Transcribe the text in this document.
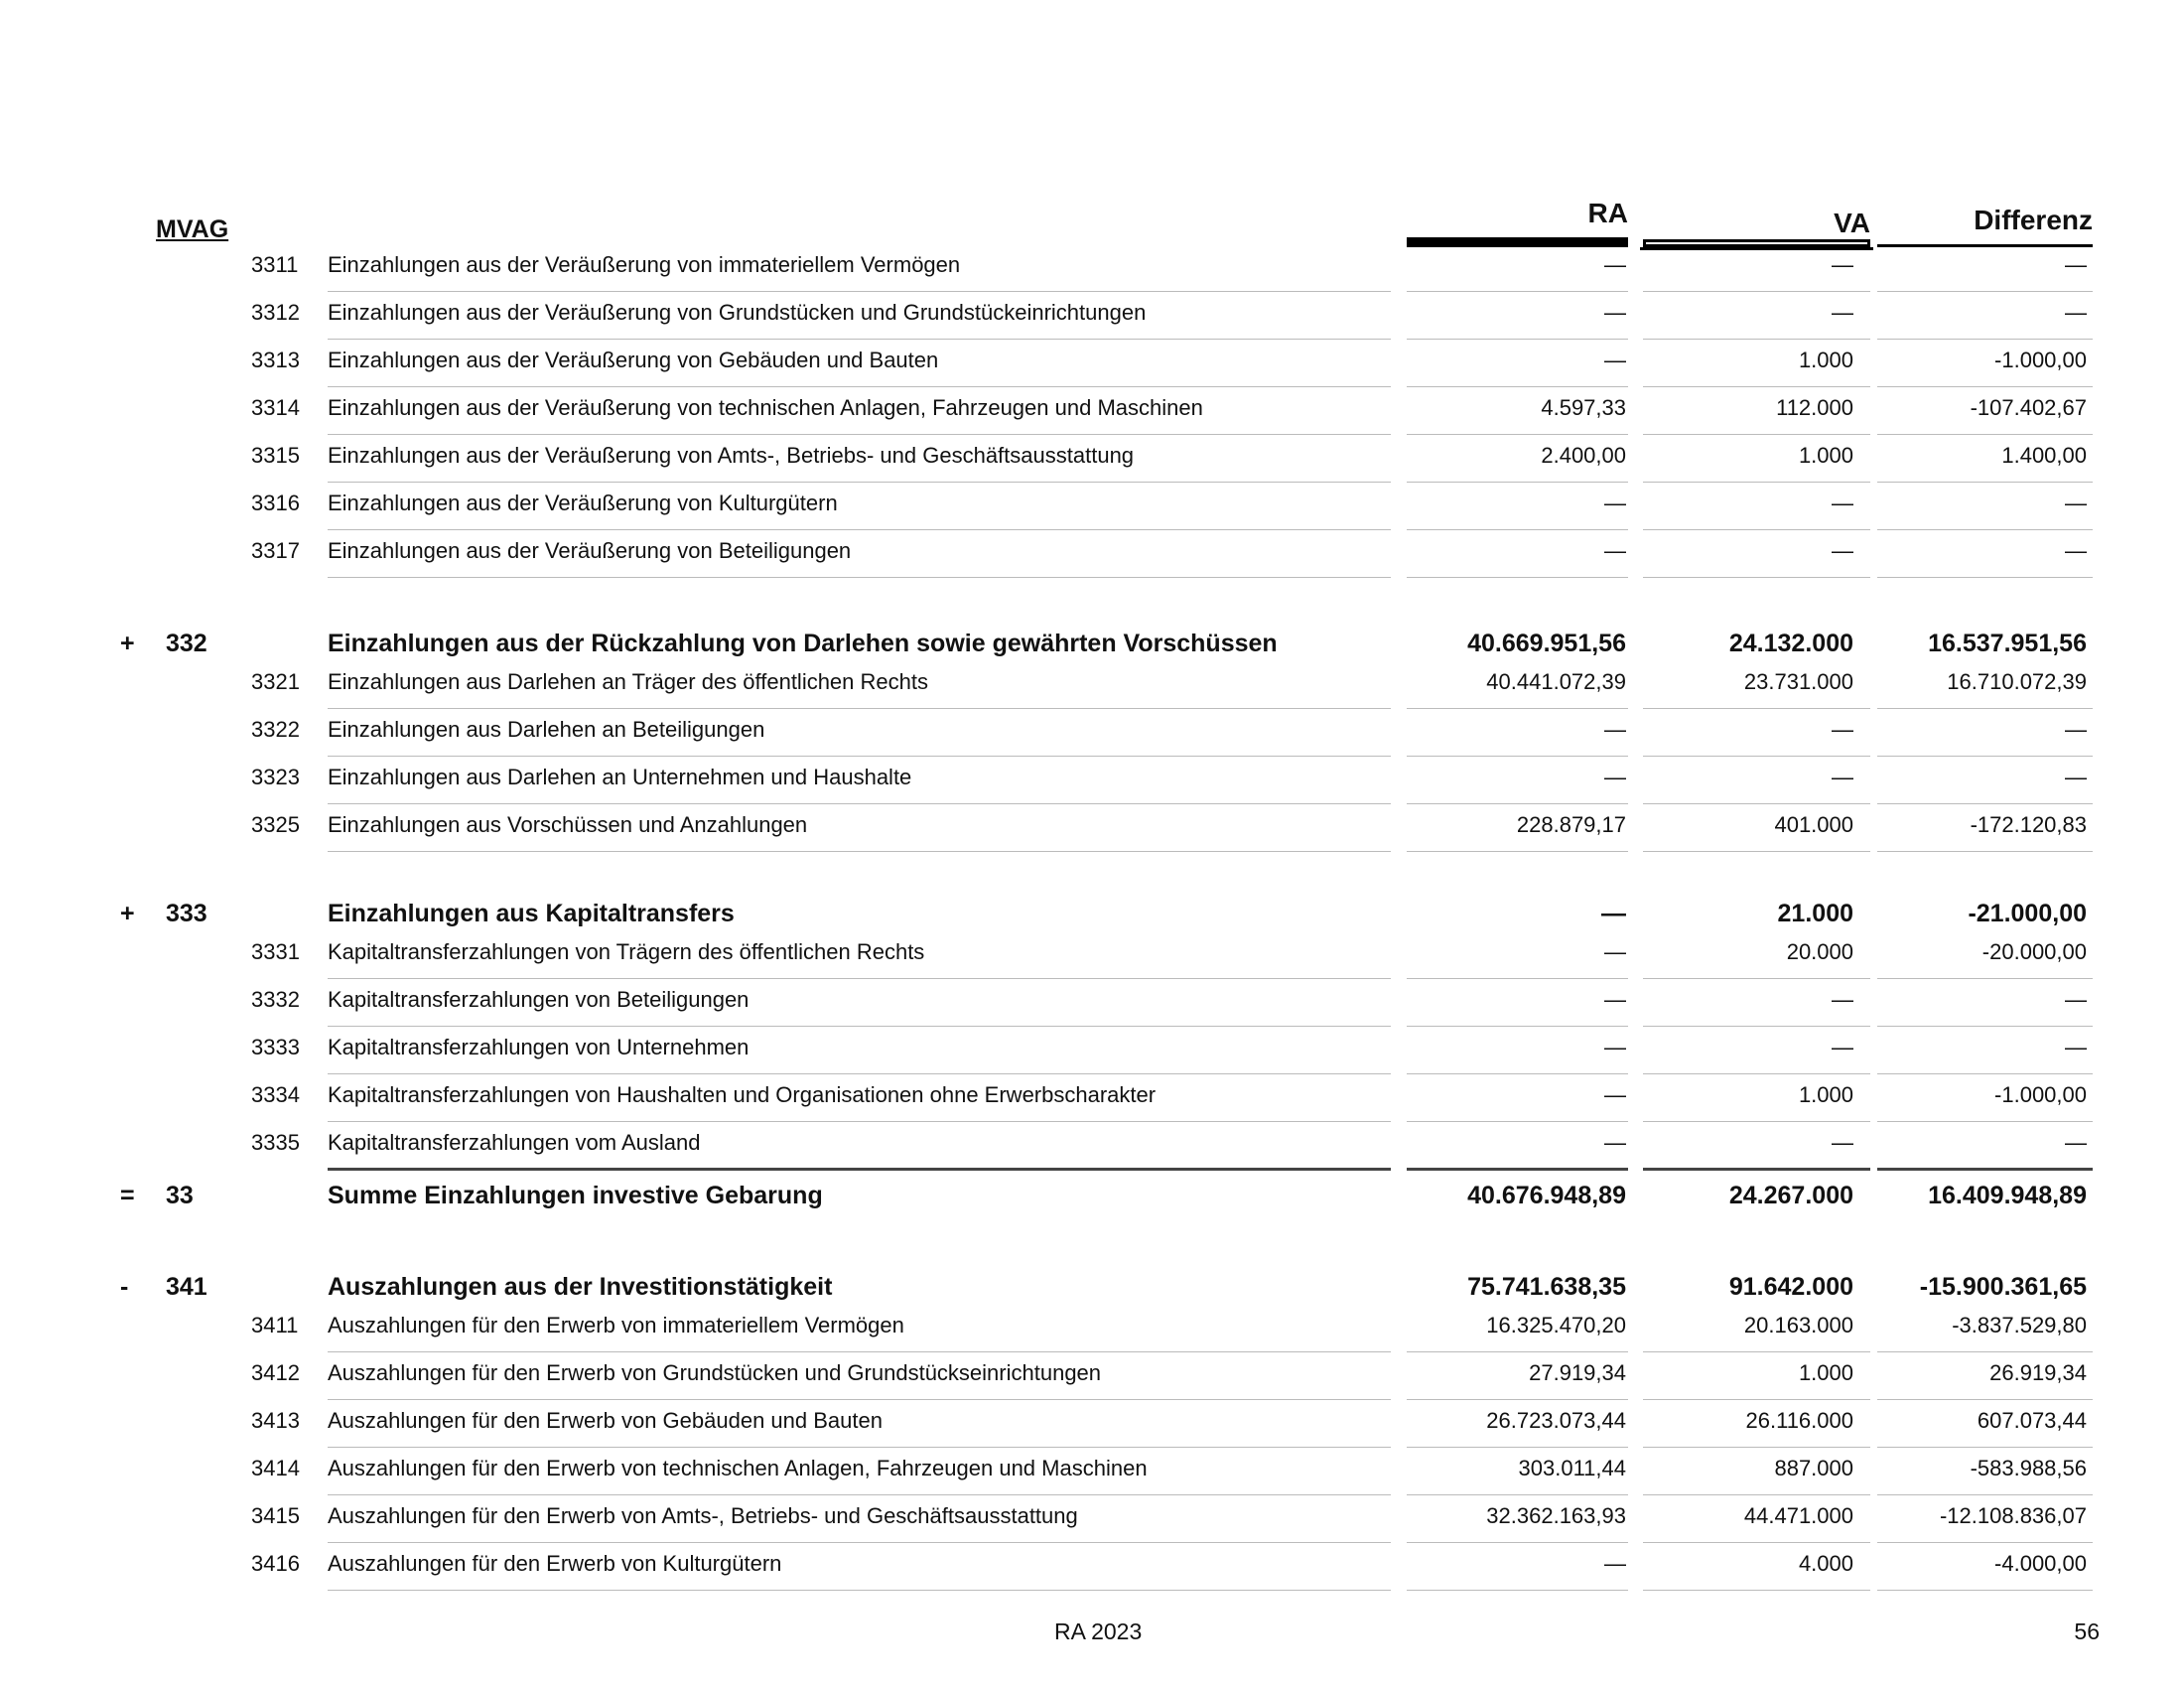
MVAG
RA	VA	Differenz
3311 Einzahlungen aus der Veräußerung von immateriellem Vermögen	—	—	—
3312 Einzahlungen aus der Veräußerung von Grundstücken und Grundstückeinrichtungen	—	—	—
3313 Einzahlungen aus der Veräußerung von Gebäuden und Bauten	—	1.000	-1.000,00
3314 Einzahlungen aus der Veräußerung von technischen Anlagen, Fahrzeugen und Maschinen	4.597,33	112.000	-107.402,67
3315 Einzahlungen aus der Veräußerung von Amts-, Betriebs- und Geschäftsausstattung	2.400,00	1.000	1.400,00
3316 Einzahlungen aus der Veräußerung von Kulturgütern	—	—	—
3317 Einzahlungen aus der Veräußerung von Beteiligungen	—	—	—
+ 332	Einzahlungen aus der Rückzahlung von Darlehen sowie gewährten Vorschüssen	40.669.951,56	24.132.000	16.537.951,56
3321 Einzahlungen aus Darlehen an Träger des öffentlichen Rechts	40.441.072,39	23.731.000	16.710.072,39
3322 Einzahlungen aus Darlehen an Beteiligungen	—	—	—
3323 Einzahlungen aus Darlehen an Unternehmen und Haushalte	—	—	—
3325 Einzahlungen aus Vorschüssen und Anzahlungen	228.879,17	401.000	-172.120,83
+ 333	Einzahlungen aus Kapitaltransfers	—	21.000	-21.000,00
3331 Kapitaltransferzahlungen von Trägern des öffentlichen Rechts	—	20.000	-20.000,00
3332 Kapitaltransferzahlungen von Beteiligungen	—	—	—
3333 Kapitaltransferzahlungen von Unternehmen	—	—	—
3334 Kapitaltransferzahlungen von Haushalten und Organisationen ohne Erwerbscharakter	—	1.000	-1.000,00
3335 Kapitaltransferzahlungen vom Ausland	—	—	—
= 33	Summe Einzahlungen investive Gebarung	40.676.948,89	24.267.000	16.409.948,89
- 341	Auszahlungen aus der Investitionstätigkeit	75.741.638,35	91.642.000	-15.900.361,65
3411 Auszahlungen für den Erwerb von immateriellem Vermögen	16.325.470,20	20.163.000	-3.837.529,80
3412 Auszahlungen für den Erwerb von Grundstücken und Grundstückseinrichtungen	27.919,34	1.000	26.919,34
3413 Auszahlungen für den Erwerb von Gebäuden und Bauten	26.723.073,44	26.116.000	607.073,44
3414 Auszahlungen für den Erwerb von technischen Anlagen, Fahrzeugen und Maschinen	303.011,44	887.000	-583.988,56
3415 Auszahlungen für den Erwerb von Amts-, Betriebs- und Geschäftsausstattung	32.362.163,93	44.471.000	-12.108.836,07
3416 Auszahlungen für den Erwerb von Kulturgütern	—	4.000	-4.000,00
RA 2023	56
